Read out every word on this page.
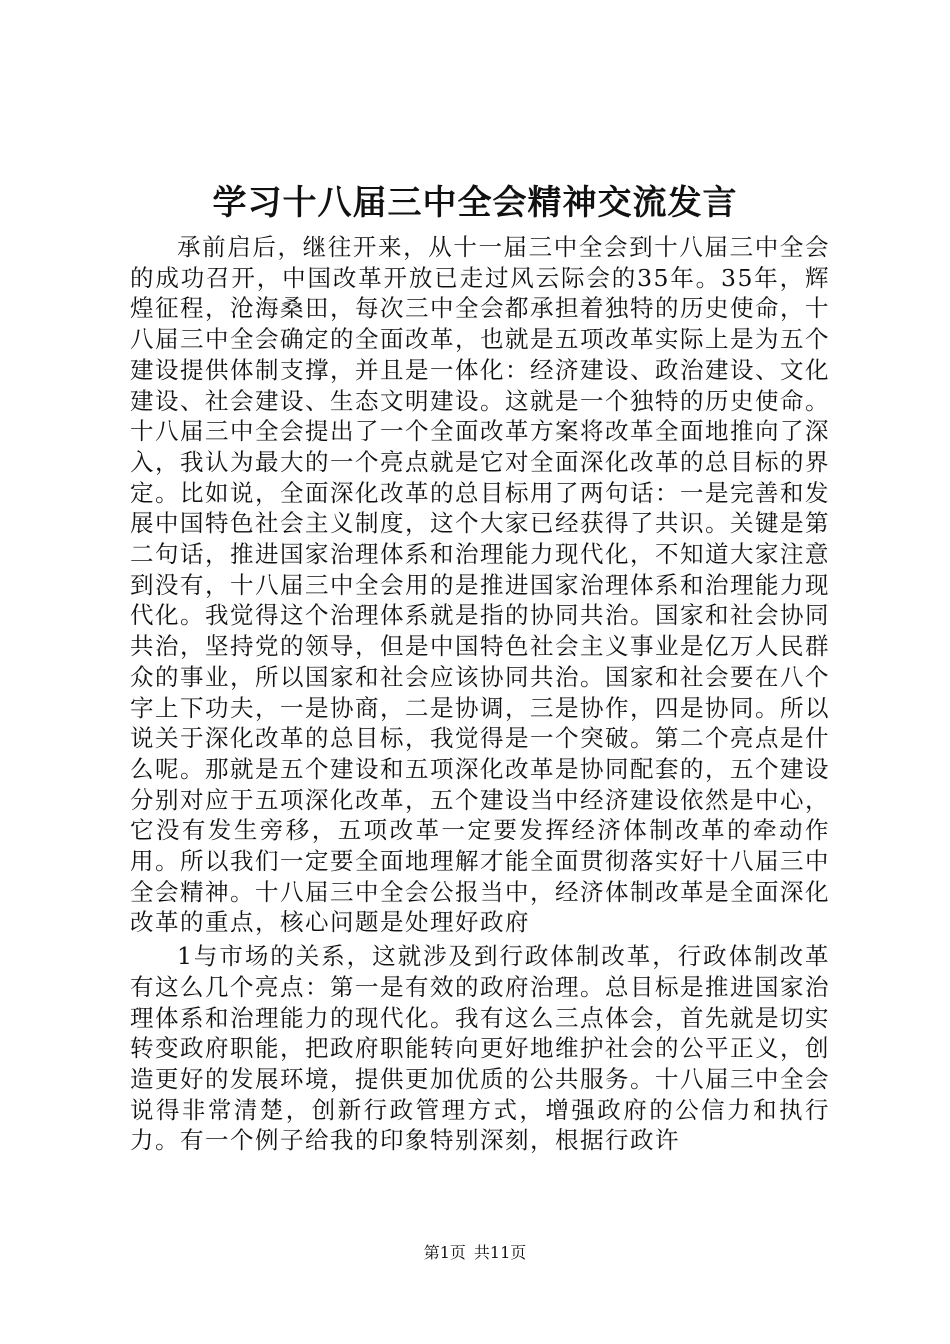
学习十八届三中全会精神交流发言

承前启后，继往开来，从十一届三中全会到十八届三中全会的成功召开，中国改革开放已走过风云际会的35年。35年，辉煌征程，沧海桑田，每次三中全会都承担着独特的历史使命，十八届三中全会确定的全面改革，也就是五项改革实际上是为五个建设提供体制支撑，并且是一体化：经济建设、政治建设、文化建设、社会建设、生态文明建设。这就是一个独特的历史使命。十八届三中全会提出了一个全面改革方案将改革全面地推向了深入，我认为最大的一个亮点就是它对全面深化改革的总目标的界定。比如说，全面深化改革的总目标用了两句话：一是完善和发展中国特色社会主义制度，这个大家已经获得了共识。关键是第二句话，推进国家治理体系和治理能力现代化，不知道大家注意到没有，十八届三中全会用的是推进国家治理体系和治理能力现代化。我觉得这个治理体系就是指的协同共治。国家和社会协同共治，坚持党的领导，但是中国特色社会主义事业是亿万人民群众的事业，所以国家和社会应该协同共治。国家和社会要在八个字上下功夫，一是协商，二是协调，三是协作，四是协同。所以说关于深化改革的总目标，我觉得是一个突破。第二个亮点是什么呢。那就是五个建设和五项深化改革是协同配套的，五个建设分别对应于五项深化改革，五个建设当中经济建设依然是中心，它没有发生旁移，五项改革一定要发挥经济体制改革的牵动作用。所以我们一定要全面地理解才能全面贯彻落实好十八届三中全会精神。十八届三中全会公报当中，经济体制改革是全面深化改革的重点，核心问题是处理好政府

1与市场的关系，这就涉及到行政体制改革，行政体制改革有这么几个亮点：第一是有效的政府治理。总目标是推进国家治理体系和治理能力的现代化。我有这么三点体会，首先就是切实转变政府职能，把政府职能转向更好地维护社会的公平正义，创造更好的发展环境，提供更加优质的公共服务。十八届三中全会说得非常清楚，创新行政管理方式，增强政府的公信力和执行力。有一个例子给我的印象特别深刻，根据行政许

第1页 共11页
